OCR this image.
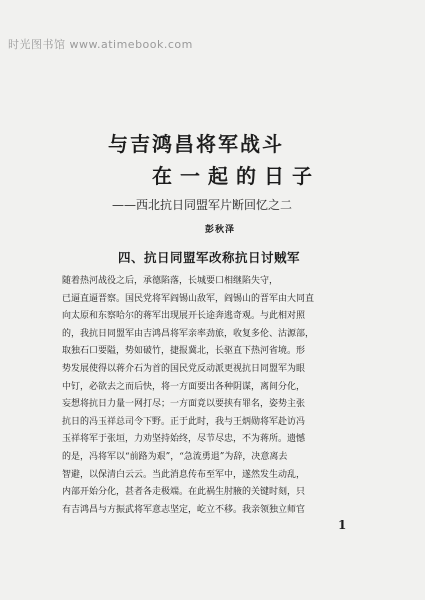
时光图书馆 www.atimebook.com
与吉鸿昌将军战斗
在一起的日子
——西北抗日同盟军片断回忆之二
彭秋泽
四、抗日同盟军改称抗日讨贼军
随着热河战役之后，承德陷落，长城要口相继陷失守，
已逼直逼晋察。国民党将军阎锡山敌军，阎锡山的晋军由大同直
向太原和东察哈尔的蒋军出现展开长途奔逃奇观。与此相对照
的，我抗日同盟军由吉鸿昌将军亲率劲旅，收复多伦、沽源部，
取独石口要隘，势如破竹，捷报冀北，长驱直下热河省境。形
势发展使得以蒋介石为首的国民党反动派更视抗日同盟军为眼
中钉，必欲去之而后快，将一方面要出各种阴谋，离间分化，
妄想将抗日力量一网打尽；一方面竟以要挟有罪名，姿势主张
抗日的冯玉祥总司令下野。正于此时，我与王炳勋将军赴访冯
玉祥将军于张垣，力劝坚持始终，尽节尽忠，不为蒋所。遗憾
的是，冯将军以“前路为艰”，“急流勇退”为辞，决意离去
智避，以保清白云云。当此消息传布至军中，遂然发生动乱，
内部开始分化，甚者各走极端。在此祸生肘腋的关键时刻，只
有吉鸿昌与方振武将军意志坚定，屹立不移。我亲领独立师官
1
